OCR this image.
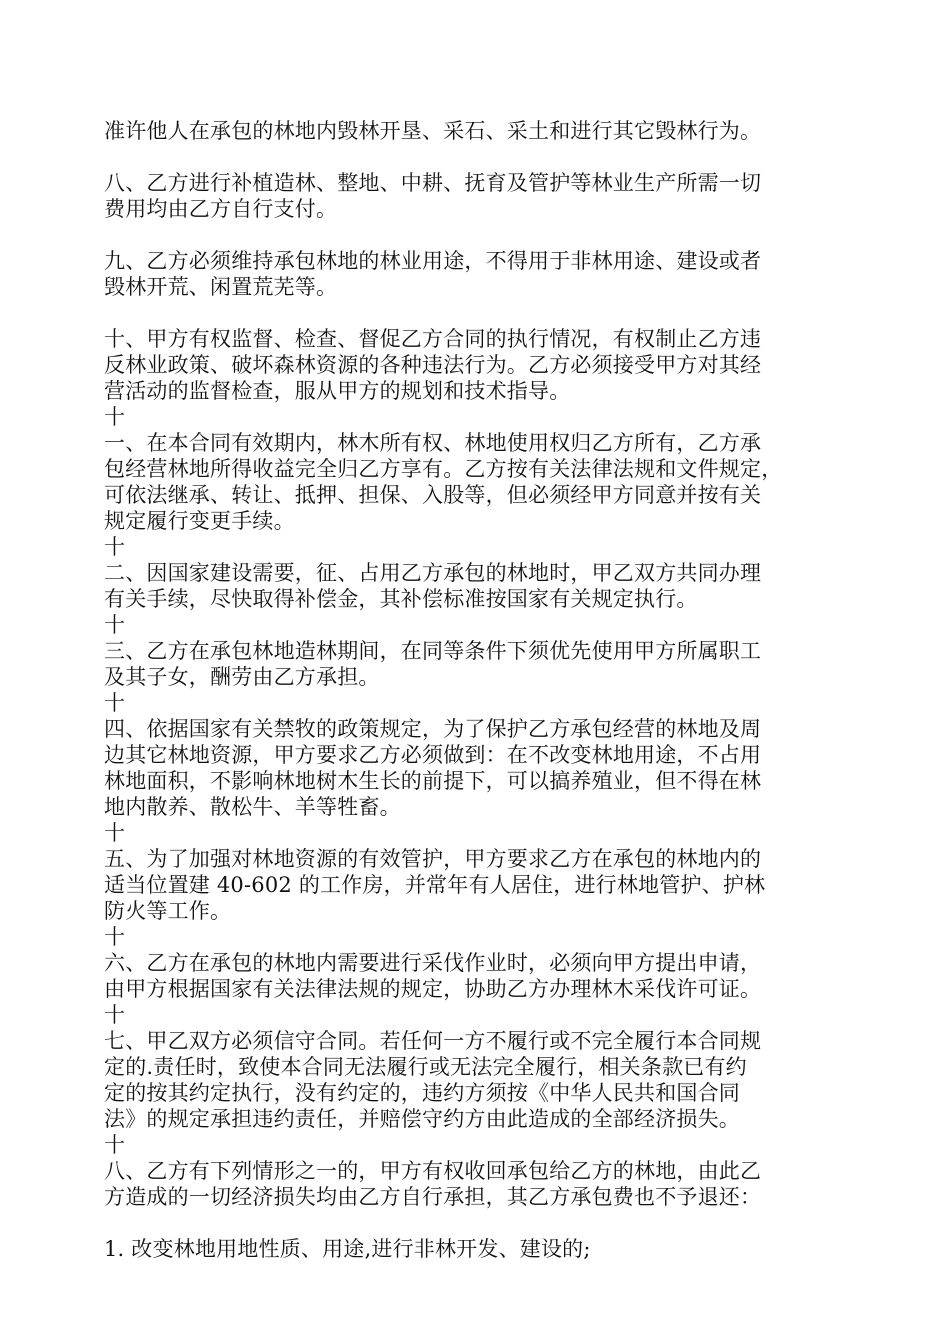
准许他人在承包的林地内毁林开垦、采石、采土和进行其它毁林行为。

八、乙方进行补植造林、整地、中耕、抚育及管护等林业生产所需一切
费用均由乙方自行支付。

九、乙方必须维持承包林地的林业用途，不得用于非林用途、建设或者
毁林开荒、闲置荒芜等。

十、甲方有权监督、检查、督促乙方合同的执行情况，有权制止乙方违
反林业政策、破坏森林资源的各种违法行为。乙方必须接受甲方对其经
营活动的监督检查，服从甲方的规划和技术指导。

十
一、在本合同有效期内，林木所有权、林地使用权归乙方所有，乙方承
包经营林地所得收益完全归乙方享有。乙方按有关法律法规和文件规定，
可依法继承、转让、抵押、担保、入股等，但必须经甲方同意并按有关
规定履行变更手续。

十
二、因国家建设需要，征、占用乙方承包的林地时，甲乙双方共同办理
有关手续，尽快取得补偿金，其补偿标准按国家有关规定执行。

十
三、乙方在承包林地造林期间，在同等条件下须优先使用甲方所属职工
及其子女，酬劳由乙方承担。

十
四、依据国家有关禁牧的政策规定，为了保护乙方承包经营的林地及周
边其它林地资源，甲方要求乙方必须做到：在不改变林地用途，不占用
林地面积，不影响林地树木生长的前提下，可以搞养殖业，但不得在林
地内散养、散松牛、羊等牲畜。

十
五、为了加强对林地资源的有效管护，甲方要求乙方在承包的林地内的
适当位置建 40-602 的工作房，并常年有人居住，进行林地管护、护林
防火等工作。

十
六、乙方在承包的林地内需要进行采伐作业时，必须向甲方提出申请，
由甲方根据国家有关法律法规的规定，协助乙方办理林木采伐许可证。

十
七、甲乙双方必须信守合同。若任何一方不履行或不完全履行本合同规
定的.责任时，致使本合同无法履行或无法完全履行，相关条款已有约
定的按其约定执行，没有约定的，违约方须按《中华人民共和国合同
法》的规定承担违约责任，并赔偿守约方由此造成的全部经济损失。

十
八、乙方有下列情形之一的，甲方有权收回承包给乙方的林地，由此乙
方造成的一切经济损失均由乙方自行承担，其乙方承包费也不予退还：

1. 改变林地用地性质、用途,进行非林开发、建设的;
